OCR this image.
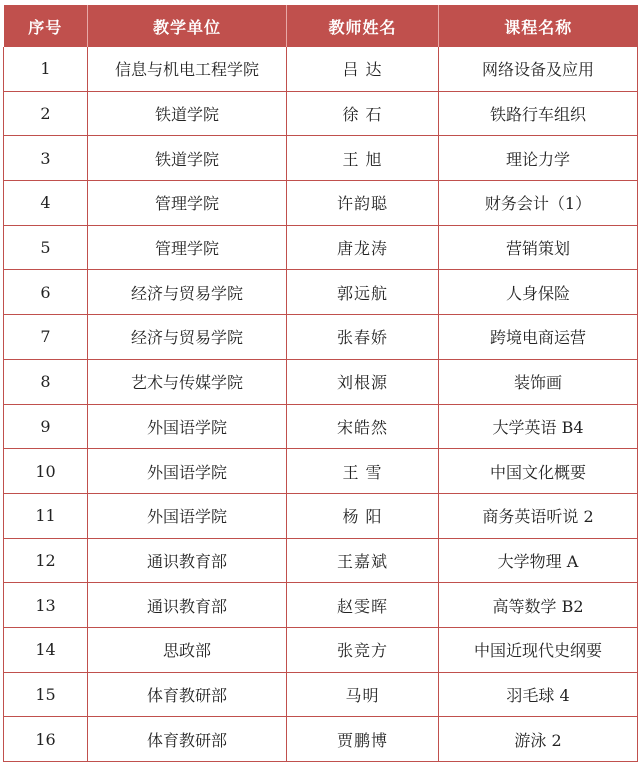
序号	教学单位	教师姓名	课程名称
1	信息与机电工程学院	吕 达	网络设备及应用
2	铁道学院	徐 石	铁路行车组织
3	铁道学院	王 旭	理论力学
4	管理学院	许韵聪	财务会计（1）
5	管理学院	唐龙涛	营销策划
6	经济与贸易学院	郭远航	人身保险
7	经济与贸易学院	张春娇	跨境电商运营
8	艺术与传媒学院	刘根源	装饰画
9	外国语学院	宋皓然	大学英语 B4
10	外国语学院	王 雪	中国文化概要
11	外国语学院	杨 阳	商务英语听说 2
12	通识教育部	王嘉斌	大学物理 A
13	通识教育部	赵雯晖	高等数学 B2
14	思政部	张竞方	中国近现代史纲要
15	体育教研部	马明	羽毛球 4
16	体育教研部	贾鹏博	游泳 2
